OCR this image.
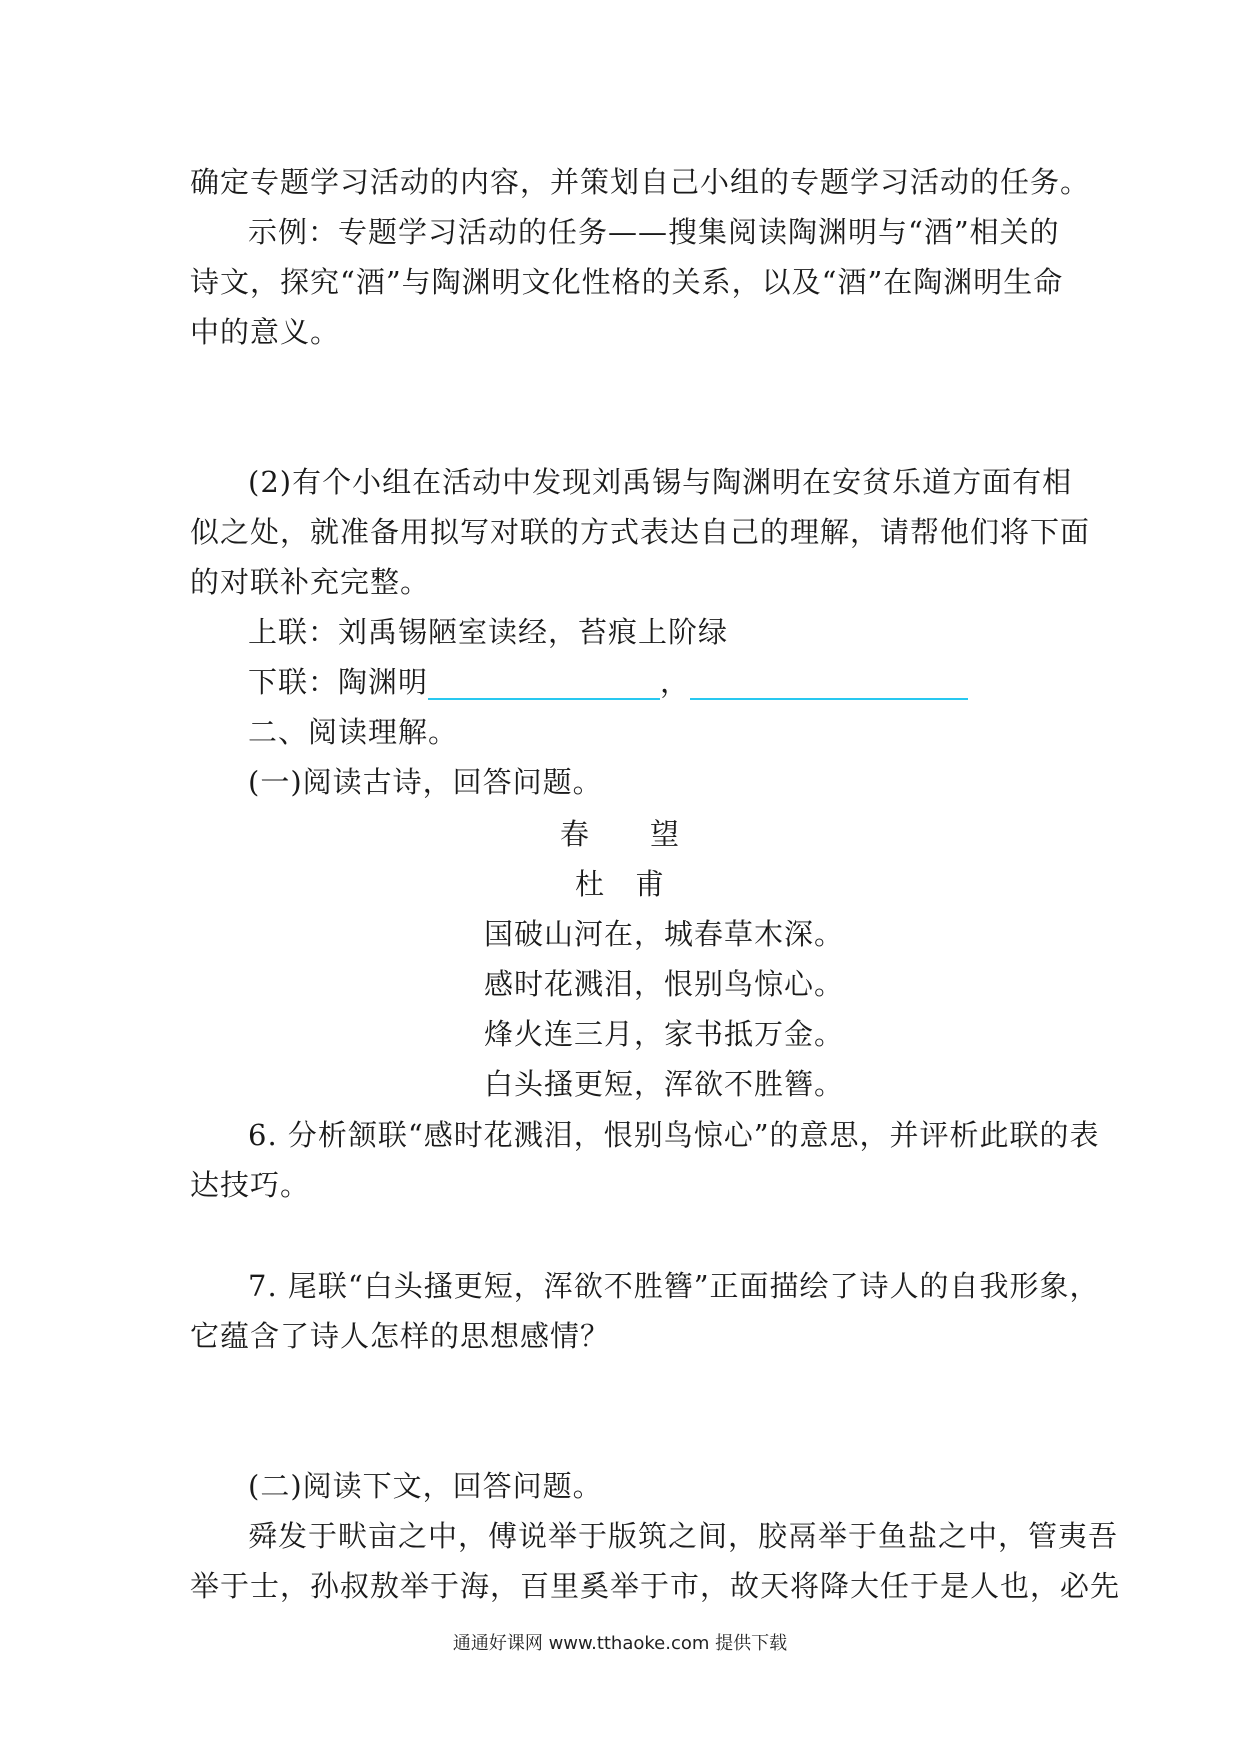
确定专题学习活动的内容，并策划自己小组的专题学习活动的任务。
示例：专题学习活动的任务——搜集阅读陶渊明与“酒”相关的
诗文，探究“酒”与陶渊明文化性格的关系，以及“酒”在陶渊明生命
中的意义。
(2)有个小组在活动中发现刘禹锡与陶渊明在安贫乐道方面有相
似之处，就准备用拟写对联的方式表达自己的理解，请帮他们将下面
的对联补充完整。
上联：刘禹锡陋室读经，苔痕上阶绿
下联：陶渊明	，
二、阅读理解。
(一)阅读古诗，回答问题。
春　　望
杜　甫
国破山河在，城春草木深。
感时花溅泪，恨别鸟惊心。
烽火连三月，家书抵万金。
白头搔更短，浑欲不胜簪。
6. 分析颔联“感时花溅泪，恨别鸟惊心”的意思，并评析此联的表
达技巧。
7. 尾联“白头搔更短，浑欲不胜簪”正面描绘了诗人的自我形象，
它蕴含了诗人怎样的思想感情？
(二)阅读下文，回答问题。
舜发于畎亩之中，傅说举于版筑之间，胶鬲举于鱼盐之中，管夷吾
举于士，孙叔敖举于海，百里奚举于市，故天将降大任于是人也，必先
通通好课网 www.tthaoke.com 提供下载
